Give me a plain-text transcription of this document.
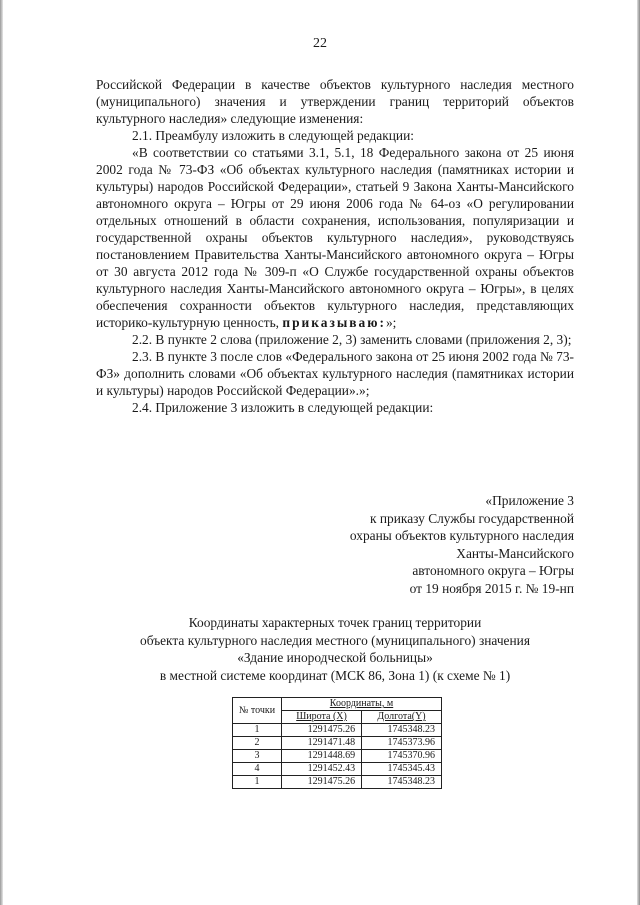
22

Российской Федерации в качестве объектов культурного наследия местного (муниципального) значения и утверждении границ территорий объектов культурного наследия» следующие изменения:

2.1. Преамбулу изложить в следующей редакции:

«В соответствии со статьями 3.1, 5.1, 18 Федерального закона от 25 июня 2002 года № 73-ФЗ «Об объектах культурного наследия (памятниках истории и культуры) народов Российской Федерации», статьей 9 Закона Ханты-Мансийского автономного округа – Югры от 29 июня 2006 года № 64-оз «О регулировании отдельных отношений в области сохранения, использования, популяризации и государственной охраны объектов культурного наследия», руководствуясь постановлением Правительства Ханты-Мансийского автономного округа – Югры от 30 августа 2012 года № 309-п «О Службе государственной охраны объектов культурного наследия Ханты-Мансийского автономного округа – Югры», в целях обеспечения сохранности объектов культурного наследия, представляющих историко-культурную ценность, приказываю:»;

2.2. В пункте 2 слова (приложение 2, 3) заменить словами (приложения 2, 3);

2.3. В пункте 3 после слов «Федерального закона от 25 июня 2002 года № 73-ФЗ» дополнить словами «Об объектах культурного наследия (памятниках истории и культуры) народов Российской Федерации».»;

2.4. Приложение 3 изложить в следующей редакции:

«Приложение 3
к приказу Службы государственной
охраны объектов культурного наследия
Ханты-Мансийского
автономного округа – Югры
от 19 ноября 2015 г. № 19-нп
Координаты характерных точек границ территории
объекта культурного наследия местного (муниципального) значения
«Здание инородческой больницы»
в местной системе координат (МСК 86, Зона 1) (к схеме № 1)
№ точки	Координаты, м	
	Широта (X)	Долгота(Y)
1	1291475.26	1745348.23
2	1291471.48	1745373.96
3	1291448.69	1745370.96
4	1291452.43	1745345.43
1	1291475.26	1745348.23
